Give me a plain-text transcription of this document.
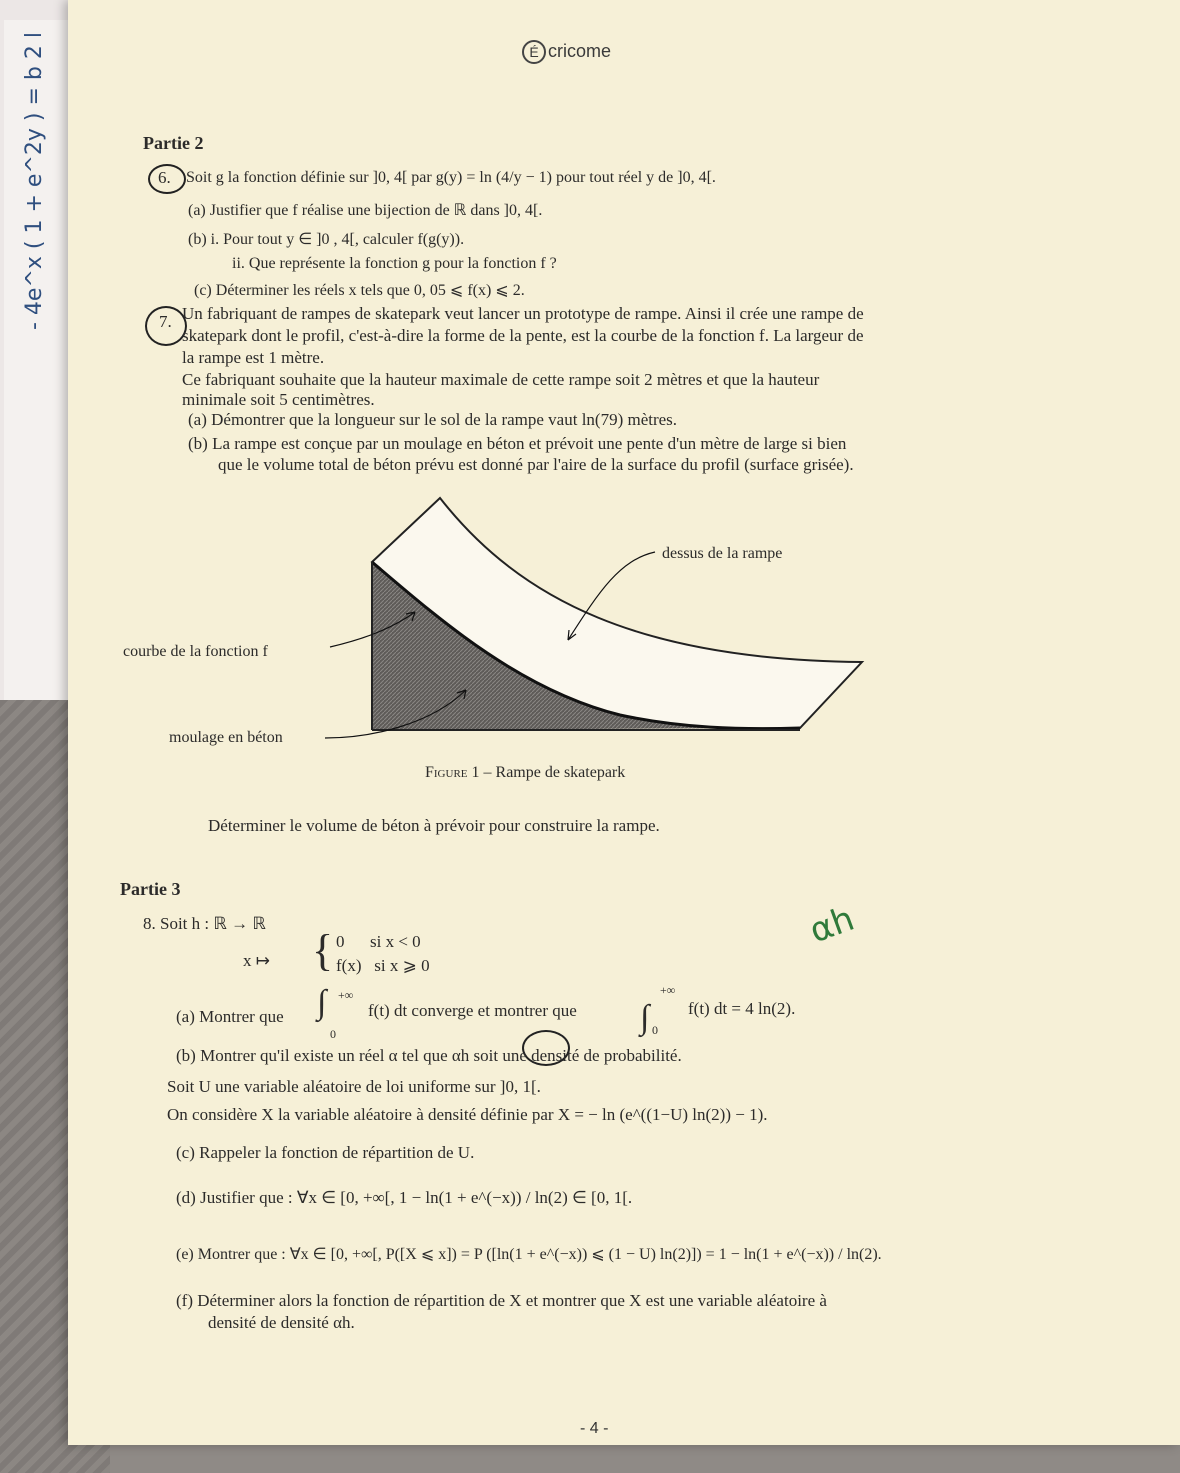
- 4e^x ( 1 + e^2y ) = b 2 l	É cricome
Partie 2
6. Soit g la fonction définie sur ]0, 4[ par g(y) = ln (4/y − 1) pour tout réel y de ]0, 4[.
(a) Justifier que f réalise une bijection de ℝ dans ]0, 4[.
(b) i. Pour tout y ∈ ]0 , 4[, calculer f(g(y)).
ii. Que représente la fonction g pour la fonction f ?
(c) Déterminer les réels x tels que 0, 05 ⩽ f(x) ⩽ 2.
7. Un fabriquant de rampes de skatepark veut lancer un prototype de rampe. Ainsi il crée une rampe de
skatepark dont le profil, c'est-à-dire la forme de la pente, est la courbe de la fonction f. La largeur de
la rampe est 1 mètre.
Ce fabriquant souhaite que la hauteur maximale de cette rampe soit 2 mètres et que la hauteur
minimale soit 5 centimètres.
(a) Démontrer que la longueur sur le sol de la rampe vaut ln(79) mètres.
(b) La rampe est conçue par un moulage en béton et prévoit une pente d'un mètre de large si bien
que le volume total de béton prévu est donné par l'aire de la surface du profil (surface grisée).
dessus de la rampe
courbe de la fonction f
moulage en béton
Figure 1 – Rampe de skatepark
Déterminer le volume de béton à prévoir pour construire la rampe.
Partie 3
8. Soit h : ℝ → ℝ
x ↦ { 0      si x < 0
f(x)   si x ⩾ 0
αh
(a) Montrer que ∫ +∞
0
f(t) dt converge et montrer que ∫
+∞
0
f(t) dt = 4 ln(2).
(b) Montrer qu'il existe un réel α tel que αh soit une densité de probabilité.
Soit U une variable aléatoire de loi uniforme sur ]0, 1[.
On considère X la variable aléatoire à densité définie par X = − ln (e^((1−U) ln(2)) − 1).
(c) Rappeler la fonction de répartition de U.
(d) Justifier que : ∀x ∈ [0, +∞[, 1 − ln(1 + e^(−x)) / ln(2) ∈ [0, 1[.
(e) Montrer que : ∀x ∈ [0, +∞[, P([X ⩽ x]) = P ([ln(1 + e^(−x)) ⩽ (1 − U) ln(2)]) = 1 − ln(1 + e^(−x)) / ln(2).
(f) Déterminer alors la fonction de répartition de X et montrer que X est une variable aléatoire à
densité de densité αh.
- 4 -
